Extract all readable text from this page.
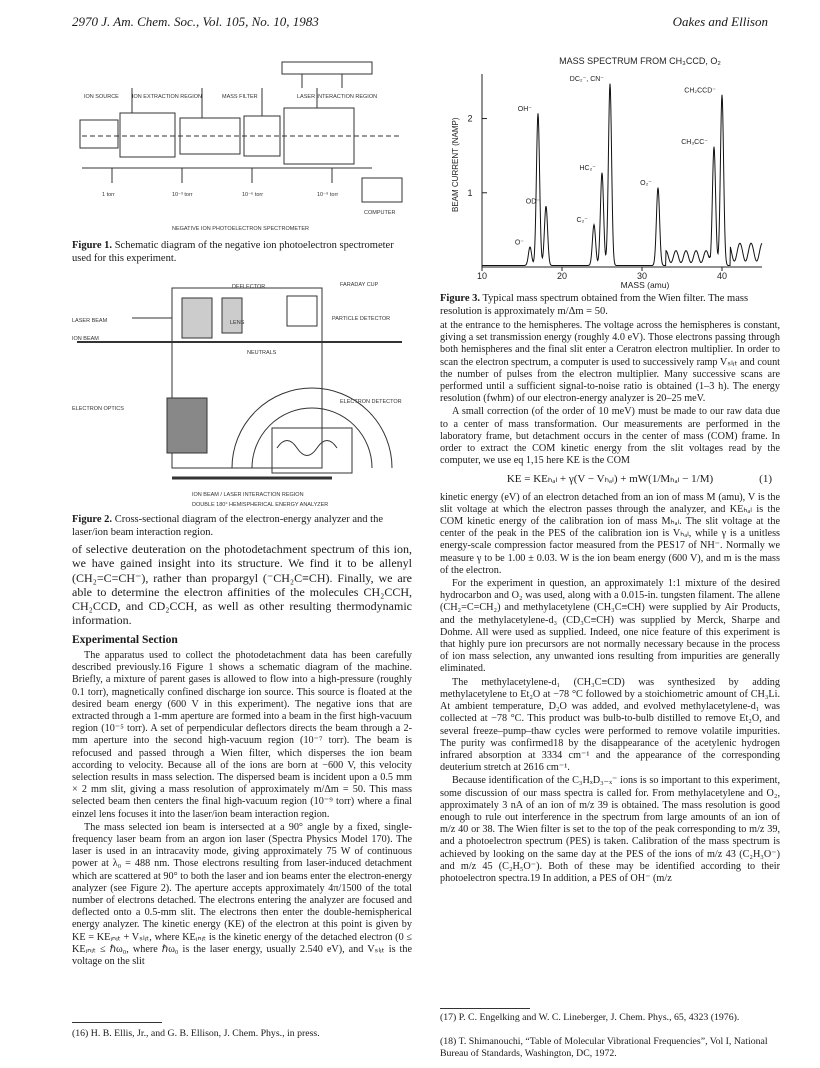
2970 J. Am. Chem. Soc., Vol. 105, No. 10, 1983	Oakes and Ellison
ION SOURCE ION EXTRACTION REGION	MASS FILTER	LASER INTERACTION REGION
1 torr	10⁻³ torr	10⁻⁶ torr	10⁻⁹ torr
COMPUTER
NEGATIVE ION PHOTOELECTRON SPECTROMETER
Figure 1. Schematic diagram of the negative ion photoelectron spectrometer used for this experiment.
DEFLECTOR	FARADAY CUP
LASER BEAM
ION BEAM
PARTICLE DETECTOR
NEUTRALS
ELECTRON OPTICS
ELECTRON DETECTOR
LENS
ION BEAM / LASER INTERACTION REGION
DOUBLE 180° HEMISPHERICAL ENERGY ANALYZER
Figure 2. Cross-sectional diagram of the electron-energy analyzer and the laser/ion beam interaction region.
MASS SPECTRUM FROM CH₃CCD, O₂
BEAM CURRENT (NAMP)
MASS (amu)
10	20	30	40
1
2
O⁻
OH⁻
OD⁻
C₂⁻
HC₂⁻
DC₂⁻, CN⁻
O₂⁻
CH₃CC⁻
CH₂CCD⁻
Figure 3. Typical mass spectrum obtained from the Wien filter. The mass resolution is approximately m/Δm = 50.
of selective deuteration on the photodetachment spectrum of this ion, we have gained insight into its structure. We find it to be allenyl (CH₂=C=CH⁻), rather than propargyl (⁻CH₂C≡CH). Finally, we are able to determine the electron affinities of the molecules CH₂CCH, CH₂CCD, and CD₂CCH, as well as other resulting thermodynamic information.
Experimental Section

The apparatus used to collect the photodetachment data has been carefully described previously.16 Figure 1 shows a schematic diagram of the machine. Briefly, a mixture of parent gases is allowed to flow into a high-pressure (roughly 0.1 torr), magnetically confined discharge ion source. This source is floated at the desired beam energy (600 V in this experiment). The negative ions that are extracted through a 1-mm aperture are formed into a beam in the first high-vacuum region (10⁻⁵ torr). A set of perpendicular deflectors directs the beam through a 2-mm aperture into the second high-vacuum region (10⁻⁷ torr). The beam is refocused and passed through a Wien filter, which disperses the ion beam according to velocity. Because all of the ions are born at −600 V, this velocity selection results in mass selection. The dispersed beam is incident upon a 0.5 mm × 2 mm slit, giving a mass resolution of approximately m/Δm = 50. This mass selected beam then centers the final high-vacuum region (10⁻⁹ torr) where a final einzel lens focuses it into the laser/ion beam interaction region.

The mass selected ion beam is intersected at a 90° angle by a fixed, single-frequency laser beam from an argon ion laser (Spectra Physics Model 170). The laser is used in an intracavity mode, giving approximately 75 W of continuous power at λ₀ = 488 nm. Those electrons resulting from laser-induced detachment which are scattered at 90° to both the laser and ion beams enter the electron-energy analyzer (see Figure 2). The aperture accepts approximately 4π/1500 of the total number of electrons detached. The electrons entering the analyzer are focused and deflected onto a 0.5-mm slit. The electrons then enter the double-hemispherical energy analyzer. The kinetic energy (KE) of the electron at this point is given by KE = KEᵢₙᵢₜ + Vₛₗᵢₜ, where KEᵢₙᵢₜ is the kinetic energy of the detached electron (0 ≤ KEᵢₙᵢₜ ≤ ℏω₀, where ℏω₀ is the laser energy, usually 2.540 eV), and Vₛₗᵢₜ is the voltage on the slit

(16) H. B. Ellis, Jr., and G. B. Ellison, J. Chem. Phys., in press.

at the entrance to the hemispheres. The voltage across the hemispheres is constant, giving a set transmission energy (roughly 4.0 eV). Those electrons passing through both hemispheres and the final slit enter a Ceratron electron multiplier. In order to scan the electron spectrum, a computer is used to successively ramp Vₛₗᵢₜ and count the number of pulses from the electron multiplier. Many successive scans are performed until a sufficient signal-to-noise ratio is obtained (1–3 h). The energy resolution (fwhm) of our electron-energy analyzer is 20–25 meV.

A small correction (of the order of 10 meV) must be made to our raw data due to a center of mass transformation. Our measurements are performed in the laboratory frame, but detachment occurs in the center of mass (COM) frame. In order to extract the COM kinetic energy from the slit voltages read by the computer, we use eq 1,15 here KE is the COM

KE = KEₕₐₗ + γ(V − Vₕₐₗ) + mW(1/Mₕₐₗ − 1/M)	(1)

kinetic energy (eV) of an electron detached from an ion of mass M (amu), V is the slit voltage at which the electron passes through the analyzer, and KEₕₐₗ is the COM kinetic energy of the calibration ion of mass Mₕₐₗ. The slit voltage at the center of the peak in the PES of the calibration ion is Vₕₐₗ, while γ is a unitless energy-scale compression factor measured from the PES17 of NH⁻. Normally we measure γ to be 1.00 ± 0.03. W is the ion beam energy (600 V), and m is the mass of the electron.

For the experiment in question, an approximately 1:1 mixture of the desired hydrocarbon and O₂ was used, along with a 0.015-in. tungsten filament. The allene (CH₂=C=CH₂) and methylacetylene (CH₃C≡CH) were supplied by Air Products, and the methylacetylene-d₃ (CD₃C≡CH) was supplied by Merck, Sharpe and Dohme. All were used as supplied. Indeed, one nice feature of this experiment is that highly pure ion precursors are not normally necessary because in the process of ion mass selection, any unwanted ions resulting from impurities are generally eliminated.

The methylacetylene-d₁ (CH₃C≡CD) was synthesized by adding methylacetylene to Et₂O at −78 °C followed by a stoichiometric amount of CH₃Li. At ambient temperature, D₂O was added, and evolved methylacetylene-d₁ was collected at −78 °C. This product was bulb-to-bulb distilled to remove Et₂O, and several freeze–pump–thaw cycles were performed to remove volatile impurities. The purity was confirmed18 by the disappearance of the acetylenic hydrogen infrared absorption at 3334 cm⁻¹ and the appearance of the corresponding deuterium stretch at 2616 cm⁻¹.

Because identification of the C₃HₓD₃₋ₓ⁻ ions is so important to this experiment, some discussion of our mass spectra is called for. From methylacetylene and O₂, approximately 3 nA of an ion of m/z 39 is obtained. The mass resolution is good enough to rule out interference in the spectrum from large amounts of an ion of m/z 40 or 38. The Wien filter is set to the top of the peak corresponding to m/z 39, and a photoelectron spectrum (PES) is taken. Calibration of the mass spectrum is achieved by looking on the same day at the PES of the ions of m/z 43 (C₂H₃O⁻) and m/z 45 (C₂H₅O⁻). Both of these may be identified according to their photoelectron spectra.19 In addition, a PES of OH⁻ (m/z

(17) P. C. Engelking and W. C. Lineberger, J. Chem. Phys., 65, 4323 (1976).
(18) T. Shimanouchi, “Table of Molecular Vibrational Frequencies”, Vol I, National Bureau of Standards, Washington, DC, 1972.
